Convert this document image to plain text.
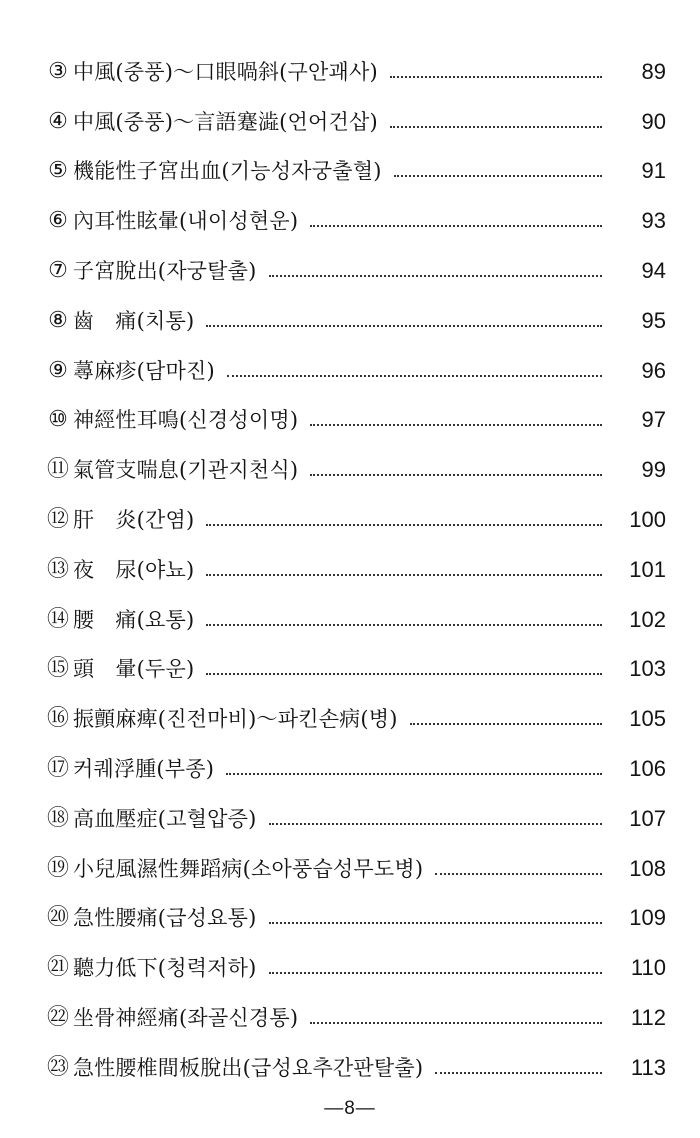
③ 中風(중풍)～口眼喎斜(구안괘사)	89
④ 中風(중풍)～言語蹇澁(언어건삽)	90
⑤ 機能性子宮出血(기능성자궁출혈)	91
⑥ 內耳性眩暈(내이성현운)	93
⑦ 子宮脫出(자궁탈출)	94
⑧ 齒　痛(치통)	95
⑨ 蕁麻疹(담마진)	96
⑩ 神經性耳鳴(신경성이명)	97
⑪ 氣管支喘息(기관지천식)	99
⑫ 肝　炎(간염)	100
⑬ 夜　尿(야뇨)	101
⑭ 腰　痛(요통)	102
⑮ 頭　暈(두운)	103
⑯ 振顫麻痺(진전마비)～파킨손病(병)	105
⑰ 커퀘浮腫(부종)	106
⑱ 高血壓症(고혈압증)	107
⑲ 小兒風濕性舞蹈病(소아풍습성무도병)	108
⑳ 急性腰痛(급성요통)	109
㉑ 聽力低下(청력저하)	110
㉒ 坐骨神經痛(좌골신경통)	112
㉓ 急性腰椎間板脫出(급성요추간판탈출)	113
—8—
